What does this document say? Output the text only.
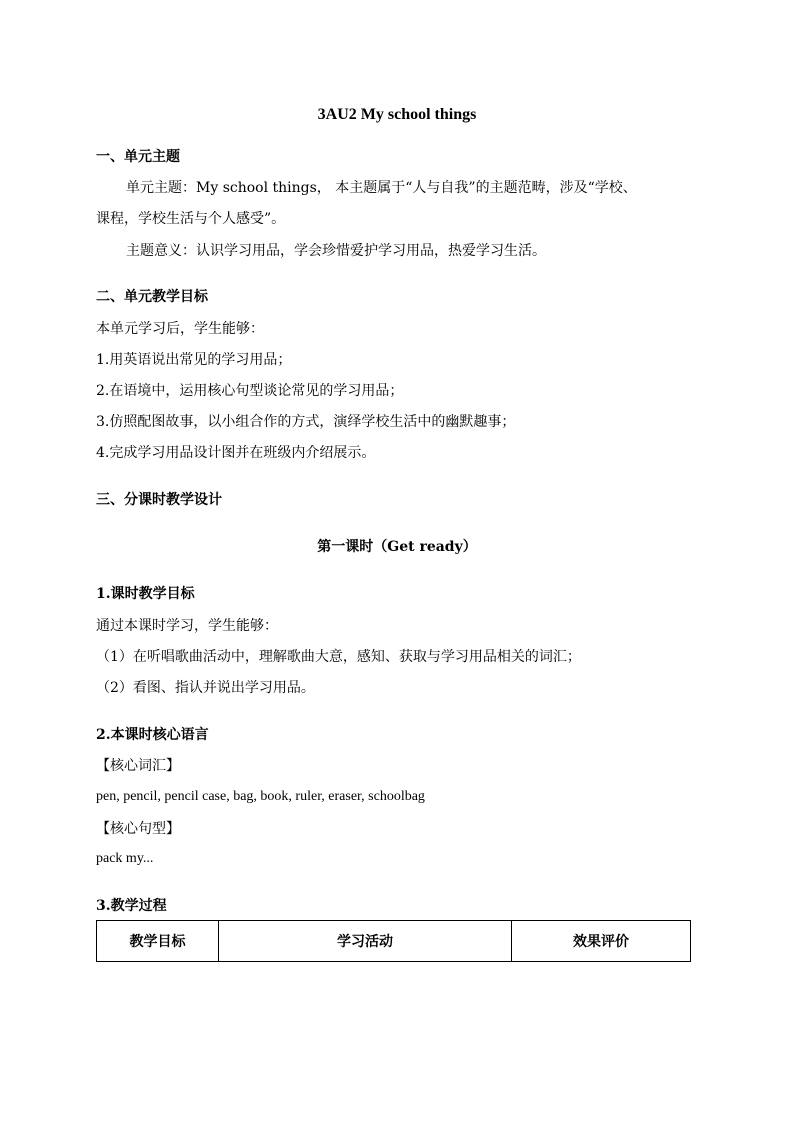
3AU2 My school things
一、单元主题
单元主题：My school things， 本主题属于“人与自我”的主题范畴，涉及“学校、
课程，学校生活与个人感受”。
主题意义：认识学习用品，学会珍惜爱护学习用品，热爱学习生活。
二、单元教学目标
本单元学习后，学生能够：
1.用英语说出常见的学习用品；
2.在语境中，运用核心句型谈论常见的学习用品；
3.仿照配图故事，以小组合作的方式，演绎学校生活中的幽默趣事；
4.完成学习用品设计图并在班级内介绍展示。
三、分课时教学设计
第一课时（Get ready）
1.课时教学目标
通过本课时学习，学生能够：
（1）在听唱歌曲活动中，理解歌曲大意，感知、获取与学习用品相关的词汇；
（2）看图、指认并说出学习用品。
2.本课时核心语言
【核心词汇】
pen, pencil, pencil case, bag, book, ruler, eraser, schoolbag
【核心句型】
pack my...
3.教学过程
教学目标	学习活动	效果评价
